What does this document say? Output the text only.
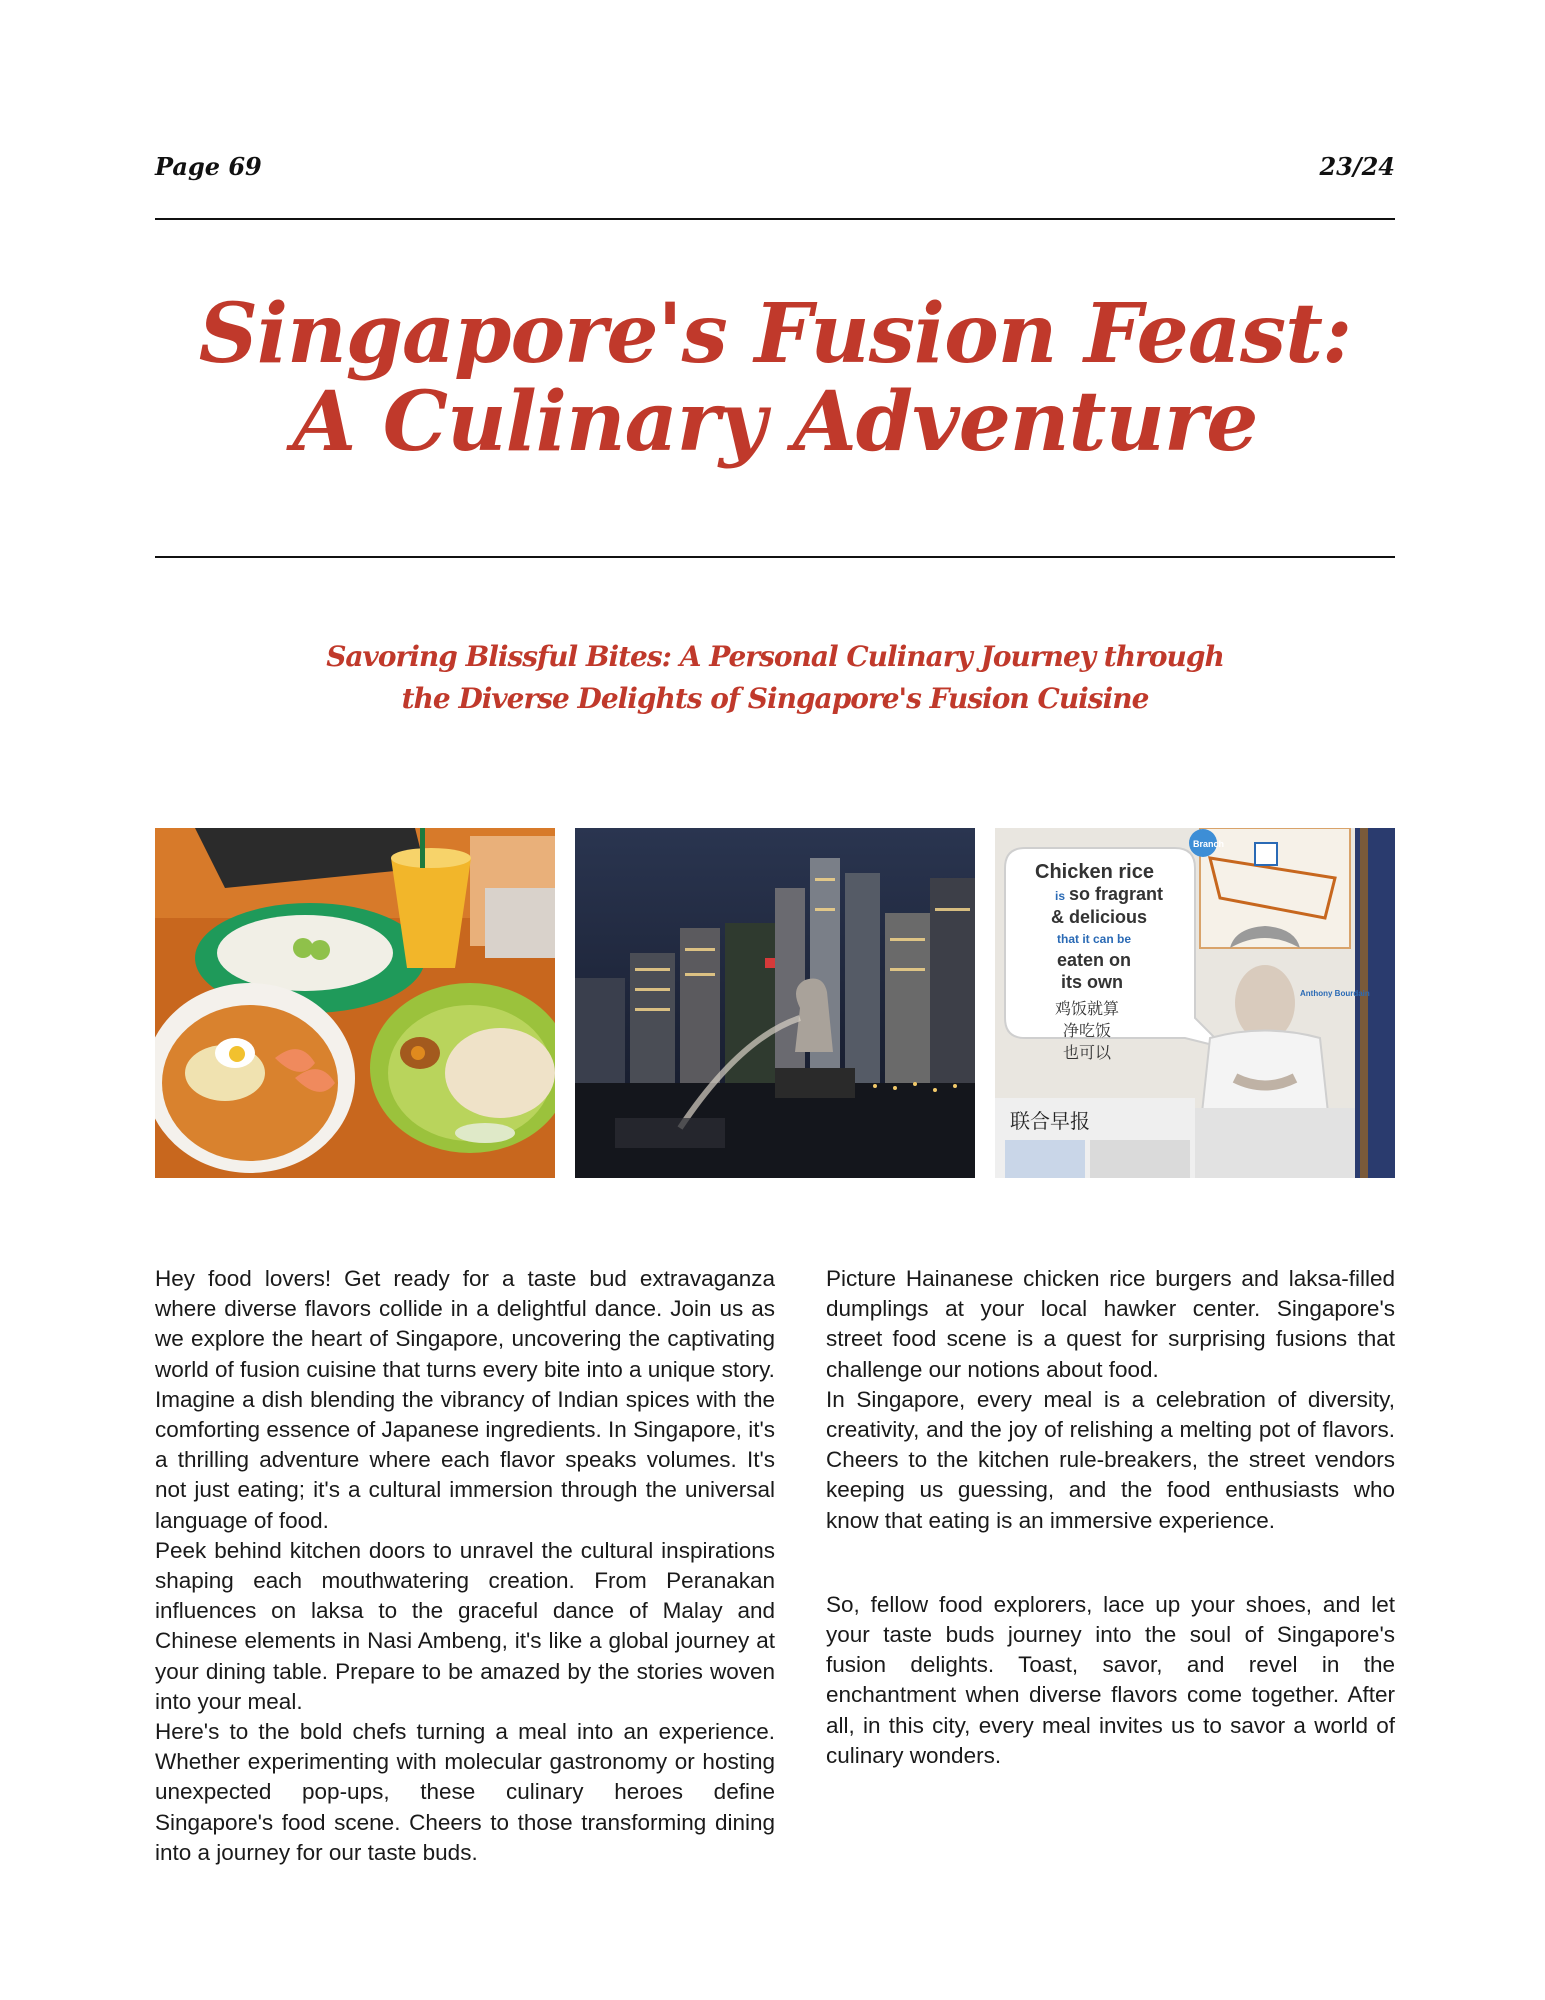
Page 69	23/24
Singapore's Fusion Feast:
A Culinary Adventure
Savoring Blissful Bites: A Personal Culinary Journey through
the Diverse Delights of Singapore's Fusion Cuisine
Branch
Chicken rice
is so fragrant
& delicious
that it can be
eaten on
its own
鸡饭就算
净吃饭
也可以
Anthony Bourdain
联合早报

Hey food lovers! Get ready for a taste bud extravaganza where diverse flavors collide in a delightful dance. Join us as we explore the heart of Singapore, uncovering the captivating world of fusion cuisine that turns every bite into a unique story.

Imagine a dish blending the vibrancy of Indian spices with the comforting essence of Japanese ingredients. In Singapore, it's a thrilling adventure where each flavor speaks volumes. It's not just eating; it's a cultural immersion through the universal language of food.

Peek behind kitchen doors to unravel the cultural inspirations shaping each mouthwatering creation. From Peranakan influences on laksa to the graceful dance of Malay and Chinese elements in Nasi Ambeng, it's like a global journey at your dining table. Prepare to be amazed by the stories woven into your meal.

Here's to the bold chefs turning a meal into an experience. Whether experimenting with molecular gastronomy or hosting unexpected pop-ups, these culinary heroes define Singapore's food scene. Cheers to those transforming dining into a journey for our taste buds.

Picture Hainanese chicken rice burgers and laksa-filled dumplings at your local hawker center. Singapore's street food scene is a quest for surprising fusions that challenge our notions about food.

In Singapore, every meal is a celebration of diversity, creativity, and the joy of relishing a melting pot of flavors. Cheers to the kitchen rule-breakers, the street vendors keeping us guessing, and the food enthusiasts who know that eating is an immersive experience.

So, fellow food explorers, lace up your shoes, and let your taste buds journey into the soul of Singapore's fusion delights. Toast, savor, and revel in the enchantment when diverse flavors come together. After all, in this city, every meal invites us to savor a world of culinary wonders.
